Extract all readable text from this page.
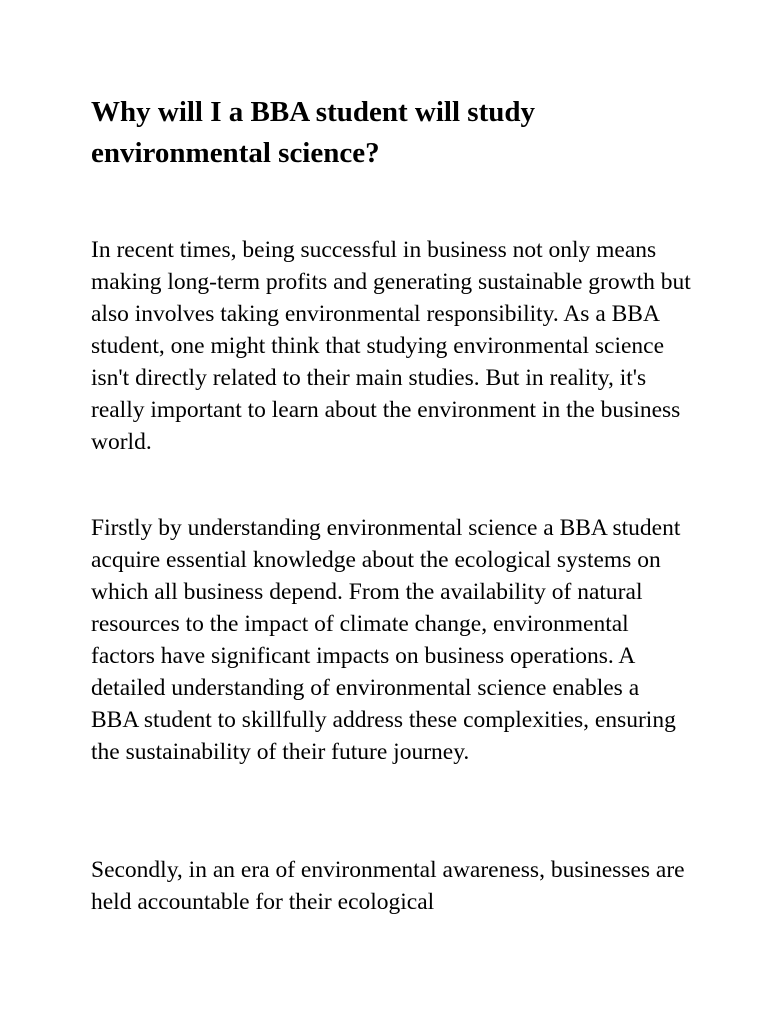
Why will I a BBA student will study environmental science?

In recent times, being successful in business not only means making long-term profits and generating sustainable growth but also involves taking environmental responsibility. As a BBA student, one might think that studying environmental science isn't directly related to their main studies. But in reality, it's really important to learn about the environment in the business world.

Firstly by understanding environmental science a BBA student acquire essential knowledge about the ecological systems on which all business depend. From the availability of natural resources to the impact of climate change, environmental factors have significant impacts on business operations. A detailed understanding of environmental science enables a BBA student to skillfully address these complexities, ensuring the sustainability of their future journey.

Secondly, in an era of environmental awareness, businesses are held accountable for their ecological
